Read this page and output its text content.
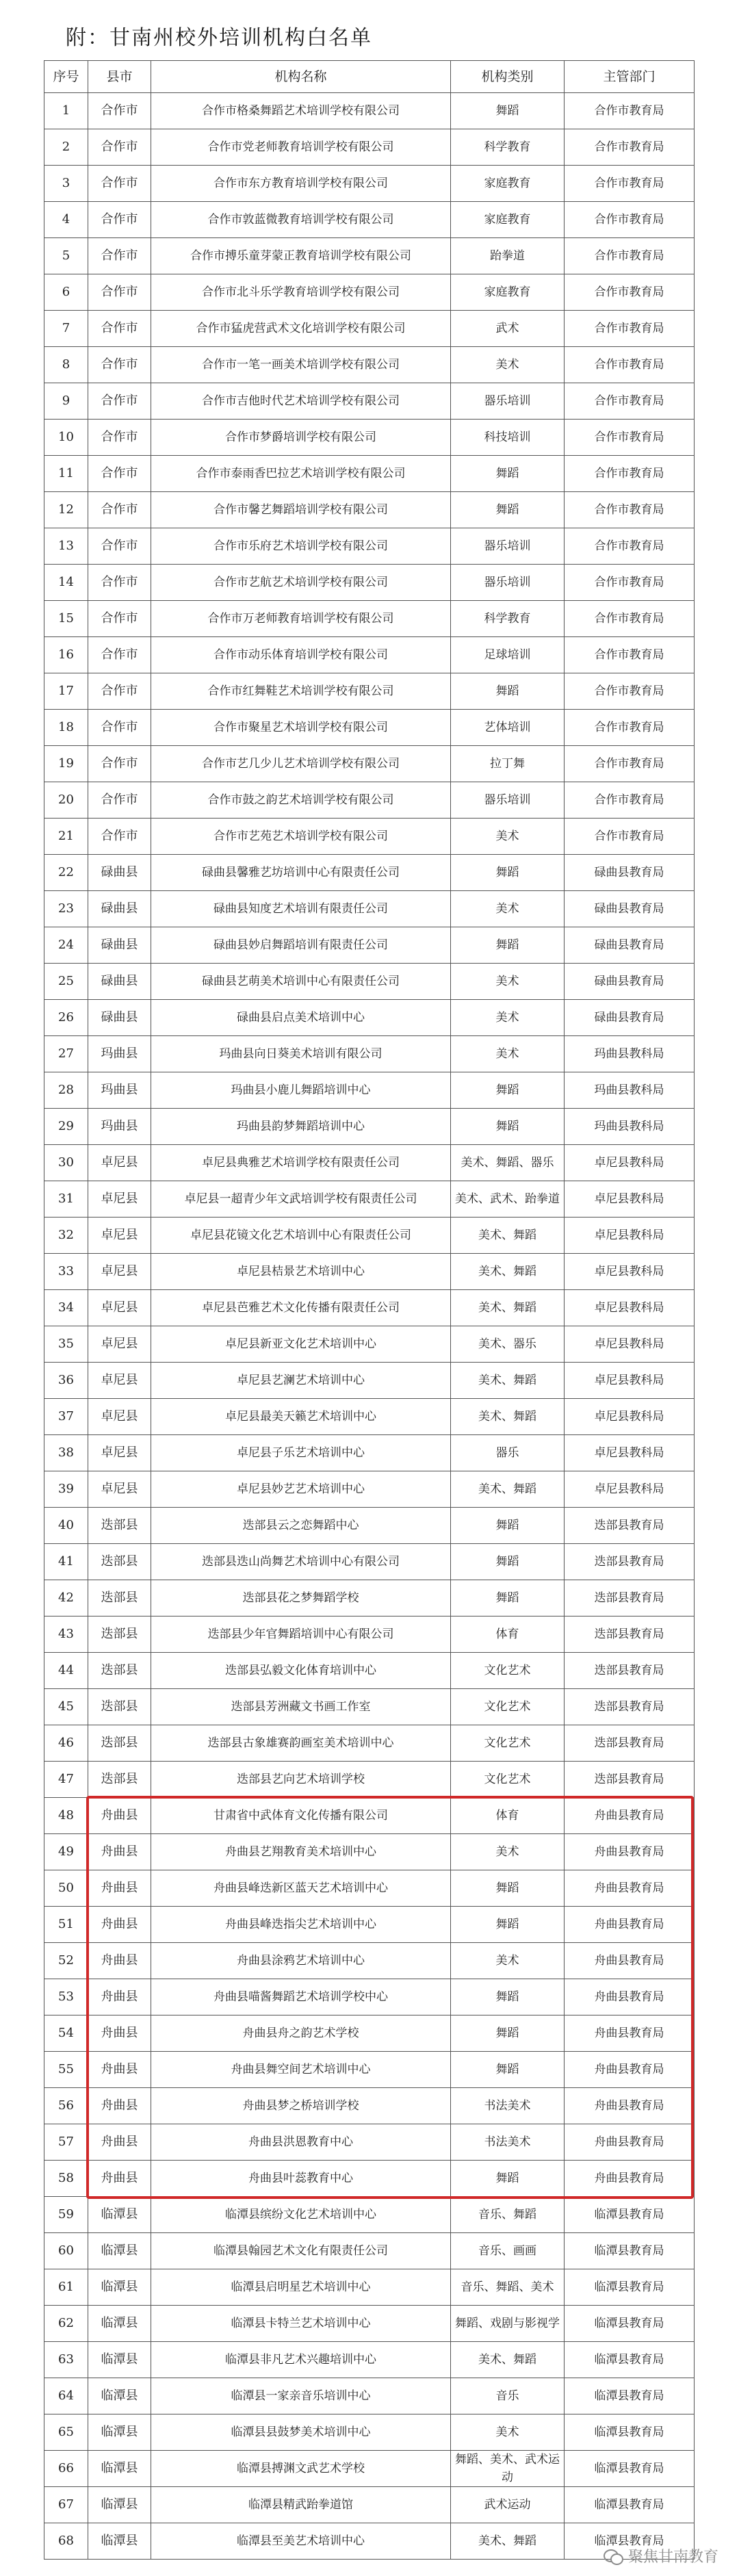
附：甘南州校外培训机构白名单
序号	县市	机构名称	机构类别	主管部门
1	合作市	合作市格桑舞蹈艺术培训学校有限公司	舞蹈	合作市教育局
2	合作市	合作市党老师教育培训学校有限公司	科学教育	合作市教育局
3	合作市	合作市东方教育培训学校有限公司	家庭教育	合作市教育局
4	合作市	合作市敦蓝微教育培训学校有限公司	家庭教育	合作市教育局
5	合作市	合作市搏乐童芽蒙正教育培训学校有限公司	跆拳道	合作市教育局
6	合作市	合作市北斗乐学教育培训学校有限公司	家庭教育	合作市教育局
7	合作市	合作市猛虎营武术文化培训学校有限公司	武术	合作市教育局
8	合作市	合作市一笔一画美术培训学校有限公司	美术	合作市教育局
9	合作市	合作市吉他时代艺术培训学校有限公司	器乐培训	合作市教育局
10	合作市	合作市梦爵培训学校有限公司	科技培训	合作市教育局
11	合作市	合作市泰雨香巴拉艺术培训学校有限公司	舞蹈	合作市教育局
12	合作市	合作市馨艺舞蹈培训学校有限公司	舞蹈	合作市教育局
13	合作市	合作市乐府艺术培训学校有限公司	器乐培训	合作市教育局
14	合作市	合作市艺航艺术培训学校有限公司	器乐培训	合作市教育局
15	合作市	合作市万老师教育培训学校有限公司	科学教育	合作市教育局
16	合作市	合作市动乐体育培训学校有限公司	足球培训	合作市教育局
17	合作市	合作市红舞鞋艺术培训学校有限公司	舞蹈	合作市教育局
18	合作市	合作市聚星艺术培训学校有限公司	艺体培训	合作市教育局
19	合作市	合作市艺几少儿艺术培训学校有限公司	拉丁舞	合作市教育局
20	合作市	合作市鼓之韵艺术培训学校有限公司	器乐培训	合作市教育局
21	合作市	合作市艺苑艺术培训学校有限公司	美术	合作市教育局
22	碌曲县	碌曲县馨雅艺坊培训中心有限责任公司	舞蹈	碌曲县教育局
23	碌曲县	碌曲县知度艺术培训有限责任公司	美术	碌曲县教育局
24	碌曲县	碌曲县妙启舞蹈培训有限责任公司	舞蹈	碌曲县教育局
25	碌曲县	碌曲县艺萌美术培训中心有限责任公司	美术	碌曲县教育局
26	碌曲县	碌曲县启点美术培训中心	美术	碌曲县教育局
27	玛曲县	玛曲县向日葵美术培训有限公司	美术	玛曲县教科局
28	玛曲县	玛曲县小鹿儿舞蹈培训中心	舞蹈	玛曲县教科局
29	玛曲县	玛曲县韵梦舞蹈培训中心	舞蹈	玛曲县教科局
30	卓尼县	卓尼县典雅艺术培训学校有限责任公司	美术、舞蹈、器乐	卓尼县教科局
31	卓尼县	卓尼县一超青少年文武培训学校有限责任公司	美术、武术、跆拳道	卓尼县教科局
32	卓尼县	卓尼县花镜文化艺术培训中心有限责任公司	美术、舞蹈	卓尼县教科局
33	卓尼县	卓尼县桔景艺术培训中心	美术、舞蹈	卓尼县教科局
34	卓尼县	卓尼县芭雅艺术文化传播有限责任公司	美术、舞蹈	卓尼县教科局
35	卓尼县	卓尼县新亚文化艺术培训中心	美术、器乐	卓尼县教科局
36	卓尼县	卓尼县艺澜艺术培训中心	美术、舞蹈	卓尼县教科局
37	卓尼县	卓尼县最美天籁艺术培训中心	美术、舞蹈	卓尼县教科局
38	卓尼县	卓尼县子乐艺术培训中心	器乐	卓尼县教科局
39	卓尼县	卓尼县妙艺艺术培训中心	美术、舞蹈	卓尼县教科局
40	迭部县	迭部县云之恋舞蹈中心	舞蹈	迭部县教育局
41	迭部县	迭部县迭山尚舞艺术培训中心有限公司	舞蹈	迭部县教育局
42	迭部县	迭部县花之梦舞蹈学校	舞蹈	迭部县教育局
43	迭部县	迭部县少年官舞蹈培训中心有限公司	体育	迭部县教育局
44	迭部县	迭部县弘毅文化体育培训中心	文化艺术	迭部县教育局
45	迭部县	迭部县芳洲藏文书画工作室	文化艺术	迭部县教育局
46	迭部县	迭部县古象雄赛韵画室美术培训中心	文化艺术	迭部县教育局
47	迭部县	迭部县艺向艺术培训学校	文化艺术	迭部县教育局
48	舟曲县	甘肃省中武体育文化传播有限公司	体育	舟曲县教育局
49	舟曲县	舟曲县艺翔教育美术培训中心	美术	舟曲县教育局
50	舟曲县	舟曲县峰迭新区蓝天艺术培训中心	舞蹈	舟曲县教育局
51	舟曲县	舟曲县峰迭指尖艺术培训中心	舞蹈	舟曲县教育局
52	舟曲县	舟曲县涂鸦艺术培训中心	美术	舟曲县教育局
53	舟曲县	舟曲县喵酱舞蹈艺术培训学校中心	舞蹈	舟曲县教育局
54	舟曲县	舟曲县舟之韵艺术学校	舞蹈	舟曲县教育局
55	舟曲县	舟曲县舞空间艺术培训中心	舞蹈	舟曲县教育局
56	舟曲县	舟曲县梦之桥培训学校	书法美术	舟曲县教育局
57	舟曲县	舟曲县洪恩教育中心	书法美术	舟曲县教育局
58	舟曲县	舟曲县叶蕊教育中心	舞蹈	舟曲县教育局
59	临潭县	临潭县缤纷文化艺术培训中心	音乐、舞蹈	临潭县教育局
60	临潭县	临潭县翰园艺术文化有限责任公司	音乐、画画	临潭县教育局
61	临潭县	临潭县启明星艺术培训中心	音乐、舞蹈、美术	临潭县教育局
62	临潭县	临潭县卡特兰艺术培训中心	舞蹈、戏剧与影视学	临潭县教育局
63	临潭县	临潭县非凡艺术兴趣培训中心	美术、舞蹈	临潭县教育局
64	临潭县	临潭县一家亲音乐培训中心	音乐	临潭县教育局
65	临潭县	临潭县县鼓梦美术培训中心	美术	临潭县教育局
66	临潭县	临潭县搏渊文武艺术学校	舞蹈、美术、武术运动	临潭县教育局
67	临潭县	临潭县精武跆拳道馆	武术运动	临潭县教育局
68	临潭县	临潭县至美艺术培训中心	美术、舞蹈	临潭县教育局
聚焦甘南教育
